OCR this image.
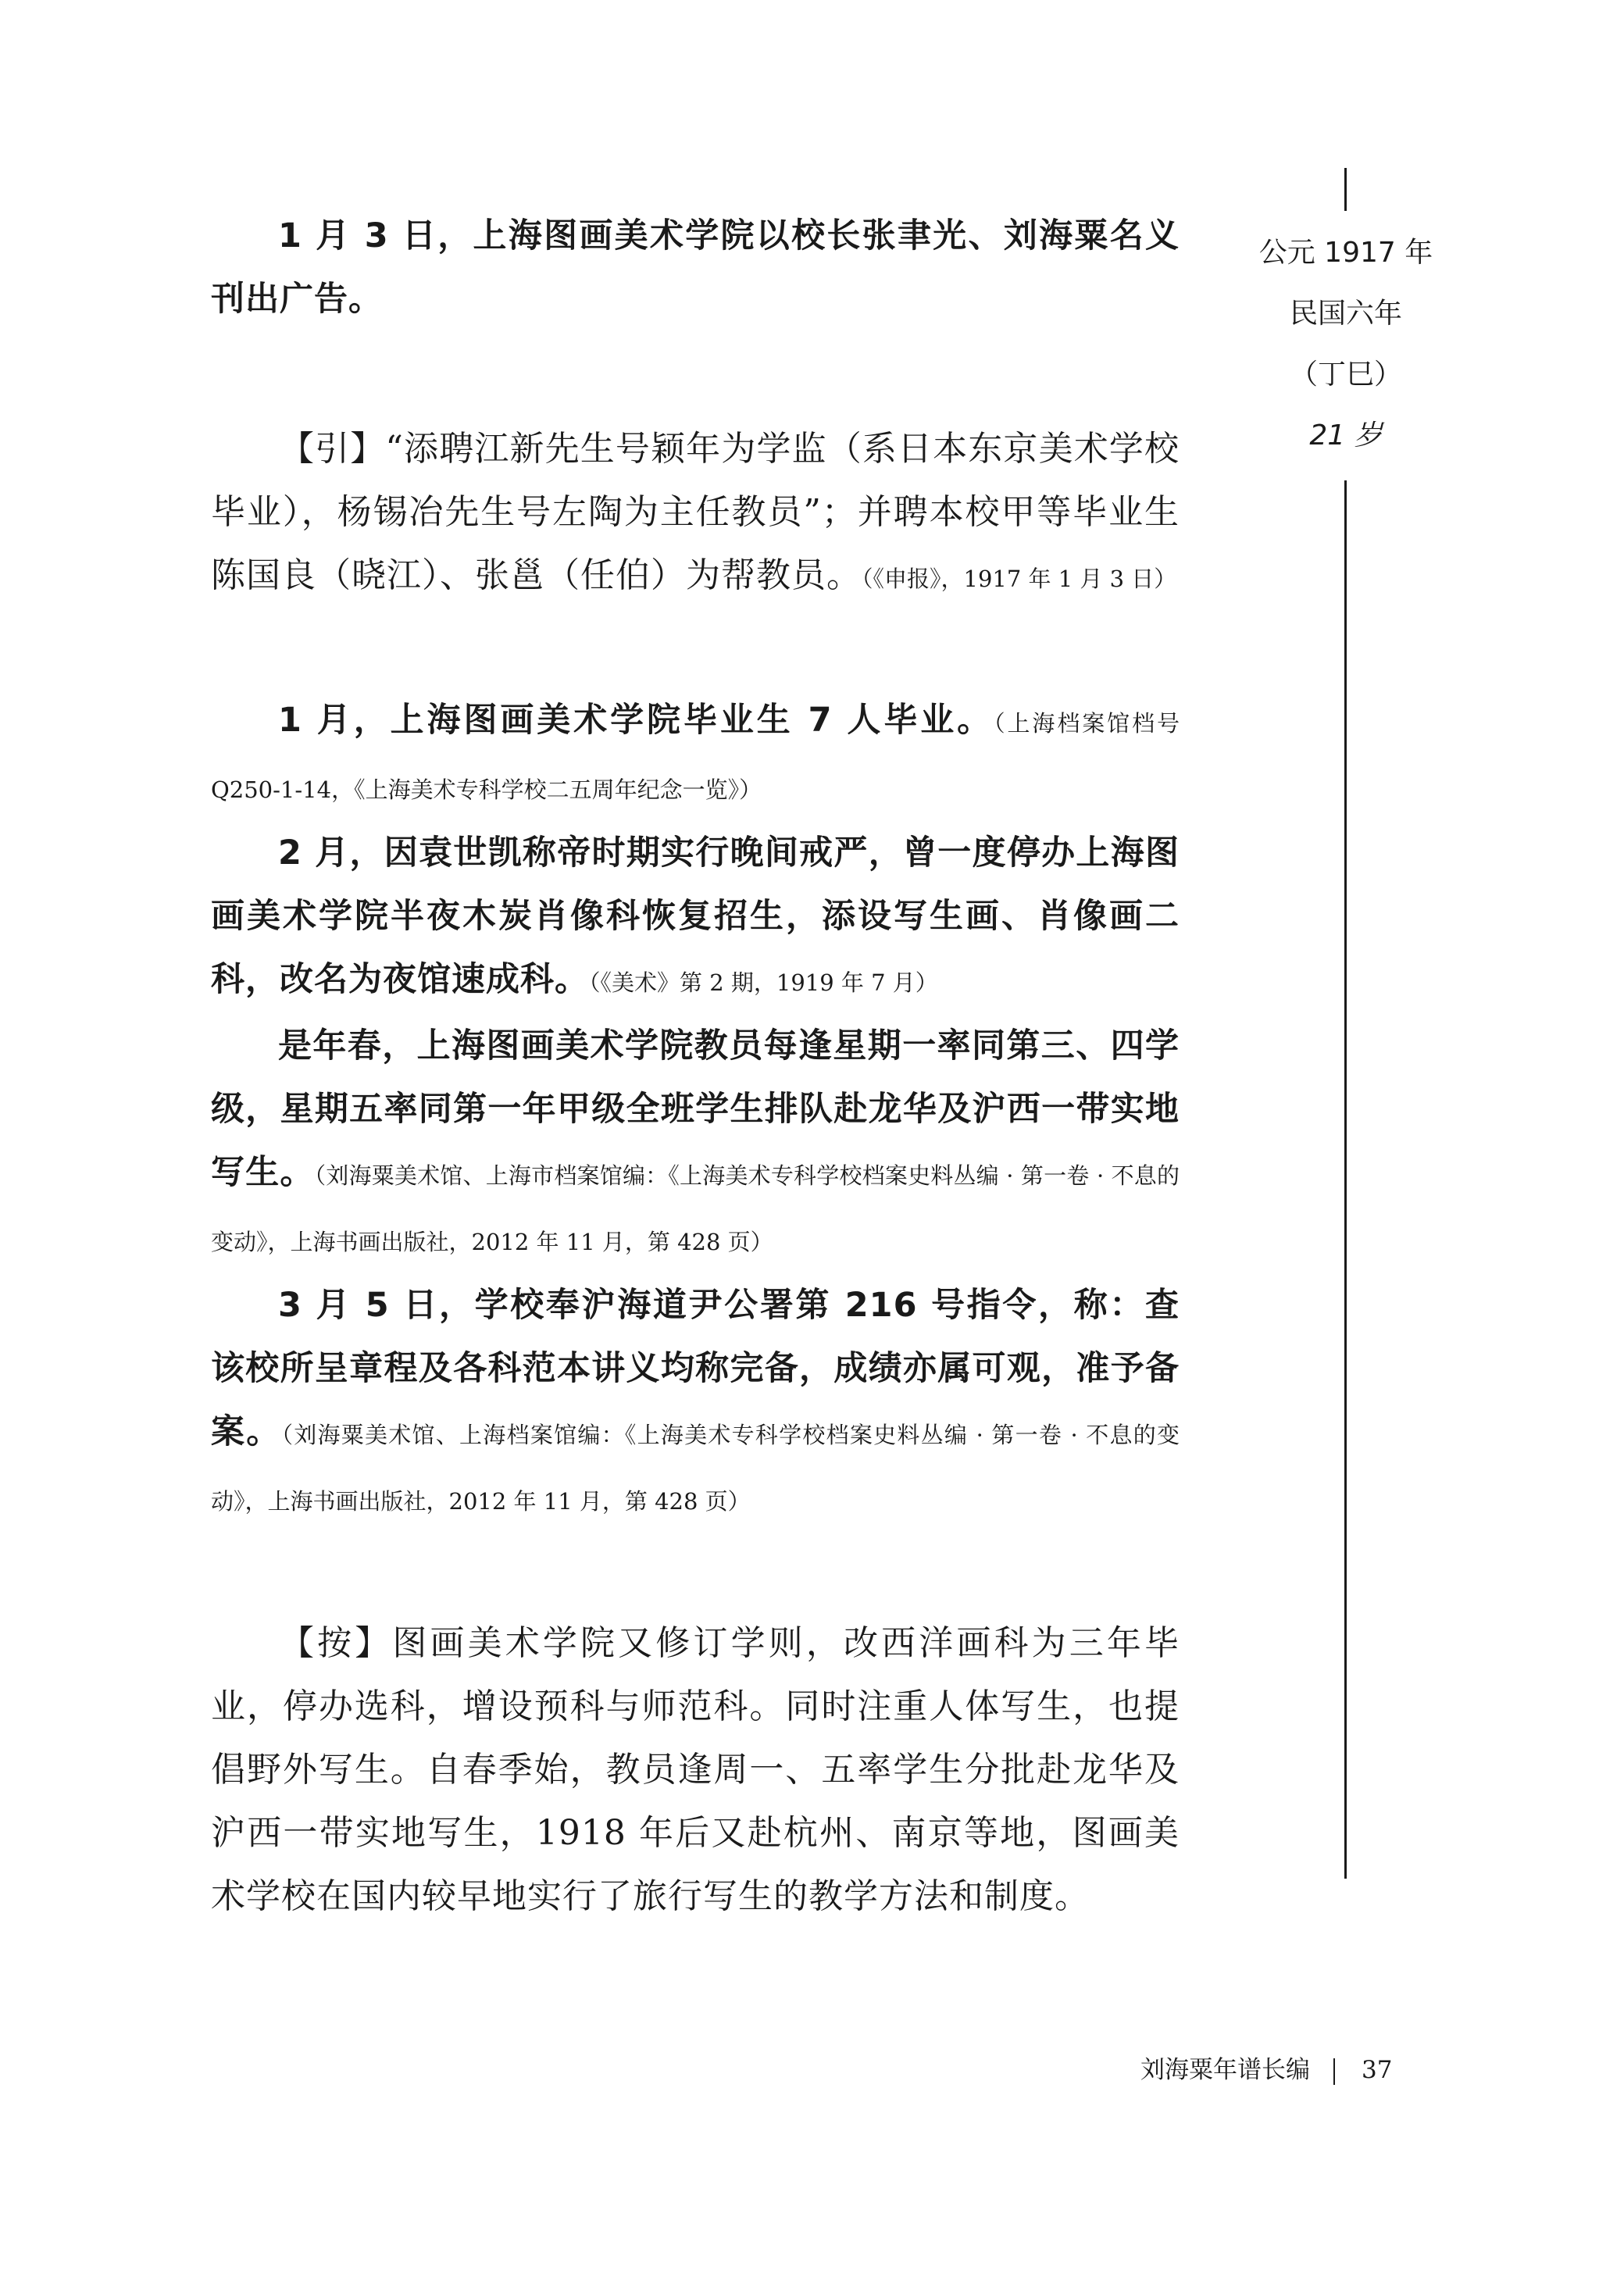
1 月 3 日，上海图画美术学院以校长张聿光、刘海粟名义刊出广告。

【引】“添聘江新先生号颖年为学监（系日本东京美术学校毕业），杨锡冶先生号左陶为主任教员”；并聘本校甲等毕业生陈国良（晓江）、张邕（任伯）为帮教员。（《申报》，1917 年 1 月 3 日）

1 月，上海图画美术学院毕业生 7 人毕业。（上海档案馆档号 Q250-1-14，《上海美术专科学校二五周年纪念一览》）

2 月，因袁世凯称帝时期实行晚间戒严，曾一度停办上海图画美术学院半夜木炭肖像科恢复招生，添设写生画、肖像画二科，改名为夜馆速成科。（《美术》第 2 期，1919 年 7 月）

是年春，上海图画美术学院教员每逢星期一率同第三、四学级，星期五率同第一年甲级全班学生排队赴龙华及沪西一带实地写生。（刘海粟美术馆、上海市档案馆编：《上海美术专科学校档案史料丛编 · 第一卷 · 不息的变动》，上海书画出版社，2012 年 11 月，第 428 页）

3 月 5 日，学校奉沪海道尹公署第 216 号指令，称：查该校所呈章程及各科范本讲义均称完备，成绩亦属可观，准予备案。（刘海粟美术馆、上海档案馆编：《上海美术专科学校档案史料丛编 · 第一卷 · 不息的变动》，上海书画出版社，2012 年 11 月，第 428 页）

【按】图画美术学院又修订学则，改西洋画科为三年毕业，停办选科，增设预科与师范科。同时注重人体写生，也提倡野外写生。自春季始，教员逢周一、五率学生分批赴龙华及沪西一带实地写生，1918 年后又赴杭州、南京等地，图画美术学校在国内较早地实行了旅行写生的教学方法和制度。

公元 1917 年
民国六年
（丁巳）
21 岁
刘海粟年谱长编 37
